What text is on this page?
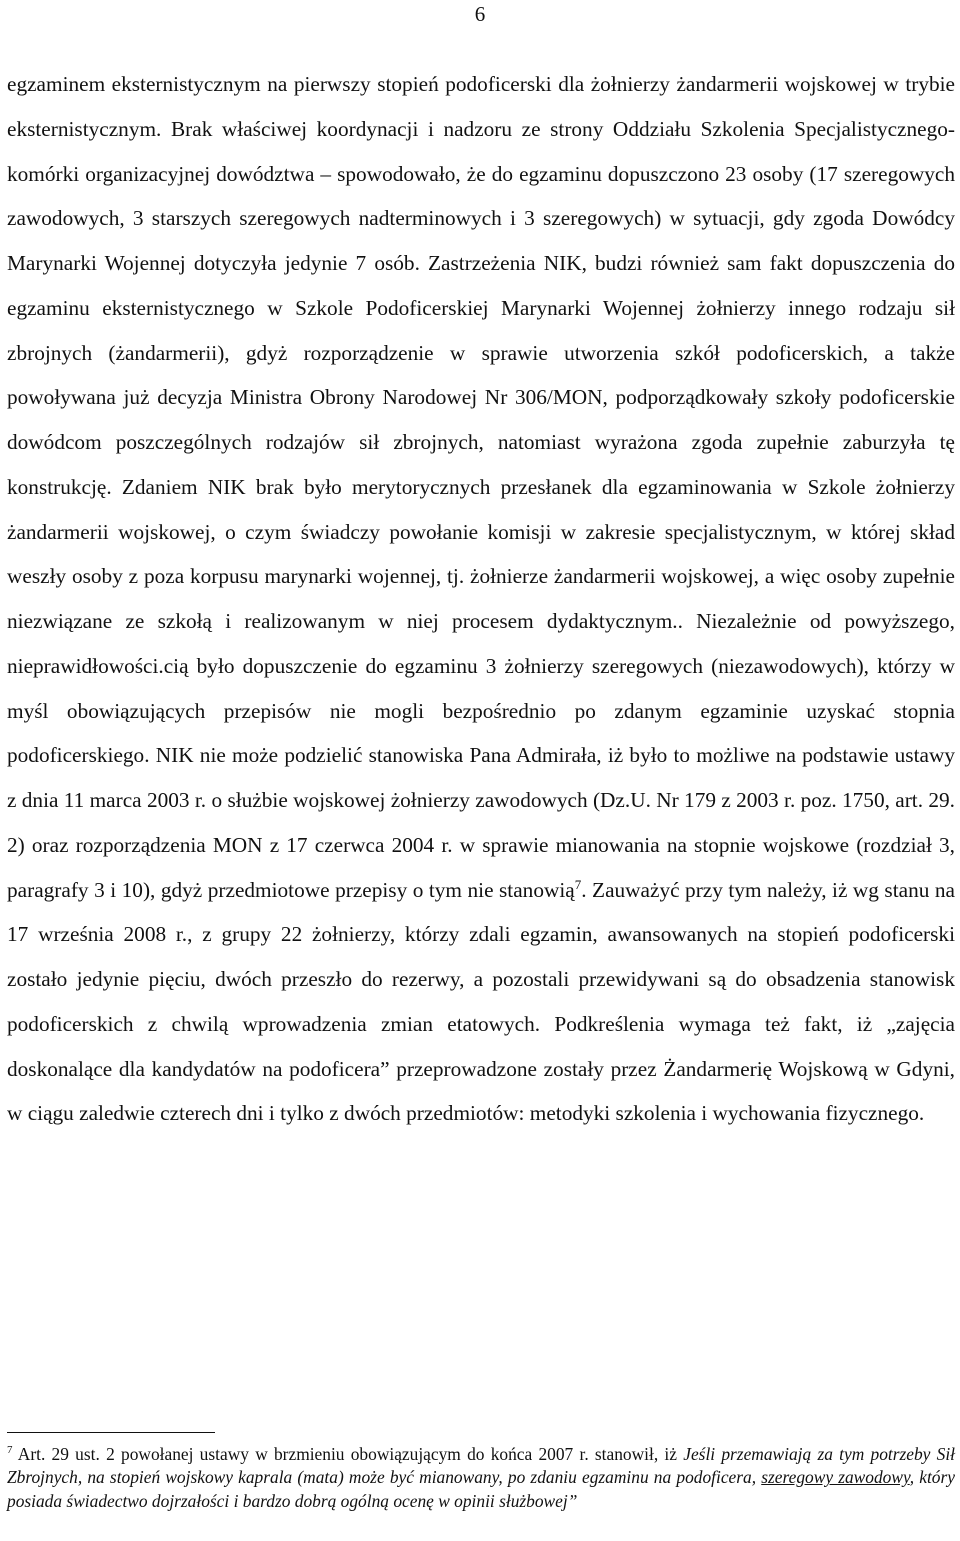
6

egzaminem eksternistycznym na pierwszy stopień podoficerski dla żołnierzy żandarmerii wojskowej w trybie eksternistycznym. Brak właściwej koordynacji i nadzoru ze strony Oddziału Szkolenia Specjalistycznego- komórki organizacyjnej dowództwa – spowodowało, że do egzaminu dopuszczono 23 osoby (17 szeregowych zawodowych, 3 starszych szeregowych nadterminowych i 3 szeregowych) w sytuacji, gdy zgoda Dowódcy Marynarki Wojennej dotyczyła jedynie 7 osób. Zastrzeżenia NIK, budzi również sam fakt dopuszczenia do egzaminu eksternistycznego w Szkole Podoficerskiej Marynarki Wojennej żołnierzy innego rodzaju sił zbrojnych (żandarmerii), gdyż rozporządzenie w sprawie utworzenia szkół podoficerskich, a także powoływana już decyzja Ministra Obrony Narodowej Nr 306/MON, podporządkowały szkoły podoficerskie dowódcom poszczególnych rodzajów sił zbrojnych, natomiast wyrażona zgoda zupełnie zaburzyła tę konstrukcję. Zdaniem NIK brak było merytorycznych przesłanek dla egzaminowania w Szkole żołnierzy żandarmerii wojskowej, o czym świadczy powołanie komisji w zakresie specjalistycznym, w której skład weszły osoby z poza korpusu marynarki wojennej, tj. żołnierze żandarmerii wojskowej, a więc osoby zupełnie niezwiązane ze szkołą i realizowanym w niej procesem dydaktycznym.. Niezależnie od powyższego, nieprawidłowości.cią było dopuszczenie do egzaminu 3 żołnierzy szeregowych (niezawodowych), którzy w myśl obowiązujących przepisów nie mogli bezpośrednio po zdanym egzaminie uzyskać stopnia podoficerskiego. NIK nie może podzielić stanowiska Pana Admirała, iż było to możliwe na podstawie ustawy z dnia 11 marca 2003 r. o służbie wojskowej żołnierzy zawodowych (Dz.U. Nr 179 z 2003 r. poz. 1750, art. 29. 2) oraz rozporządzenia MON z 17 czerwca 2004 r. w sprawie mianowania na stopnie wojskowe (rozdział 3, paragrafy 3 i 10), gdyż przedmiotowe przepisy o tym nie stanowią$^7$. Zauważyć przy tym należy, iż wg stanu na 17 września 2008 r., z grupy 22 żołnierzy, którzy zdali egzamin, awansowanych na stopień podoficerski zostało jedynie pięciu, dwóch przeszło do rezerwy, a pozostali przewidywani są do obsadzenia stanowisk podoficerskich z chwilą wprowadzenia zmian etatowych. Podkreślenia wymaga też fakt, iż „zajęcia doskonalące dla kandydatów na podoficera” przeprowadzone zostały przez Żandarmerię Wojskową w Gdyni, w ciągu zaledwie czterech dni i tylko z dwóch przedmiotów: metodyki szkolenia i wychowania fizycznego.

$^7$ Art. 29 ust. 2 powołanej ustawy w brzmieniu obowiązującym do końca 2007 r. stanowił, iż Jeśli przemawiają za tym potrzeby Sił Zbrojnych, na stopień wojskowy kaprala (mata) może być mianowany, po zdaniu egzaminu na podoficera, szeregowy zawodowy, który posiada świadectwo dojrzałości i bardzo dobrą ogólną ocenę w opinii służbowej”
